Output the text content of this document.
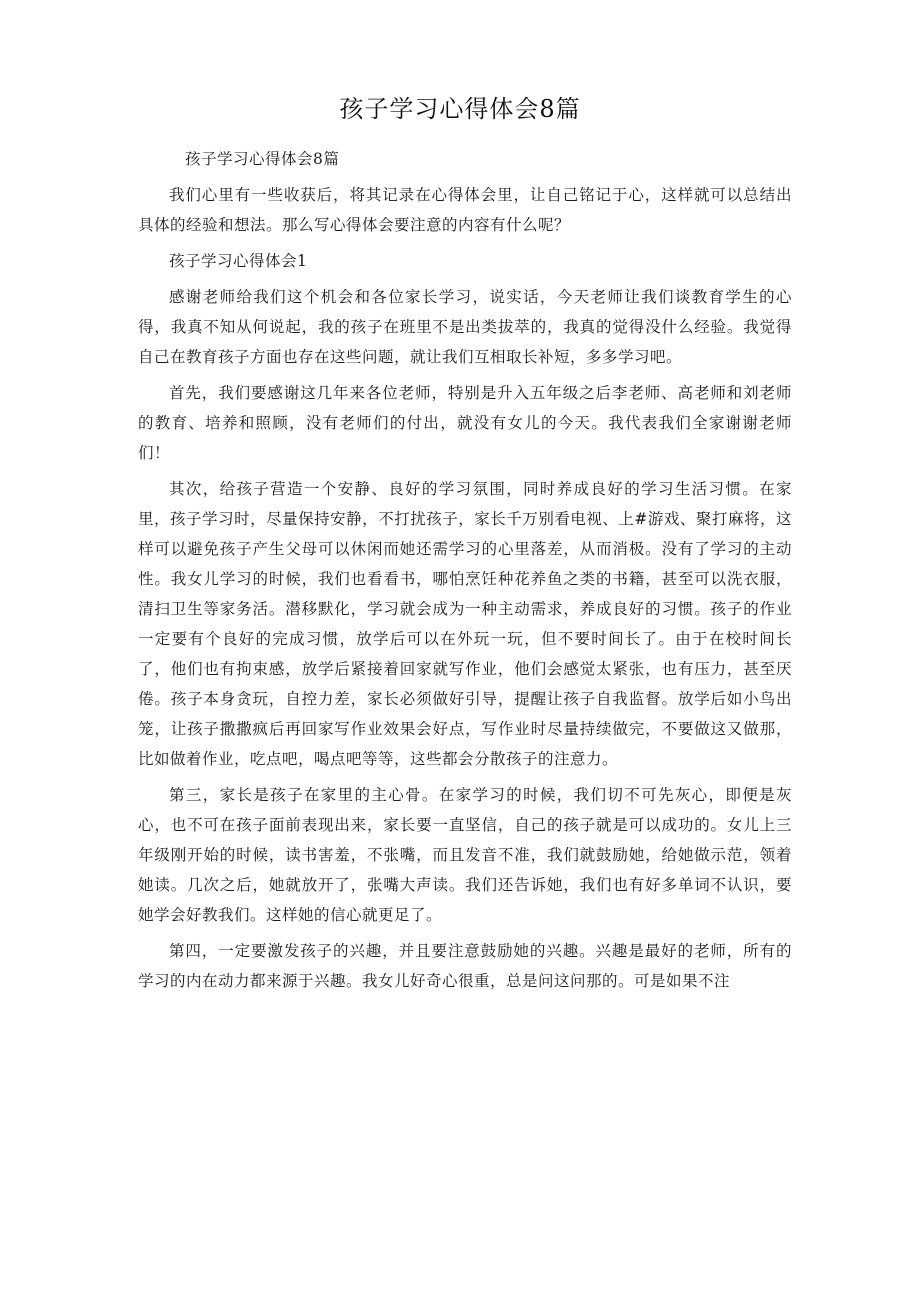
孩子学习心得体会8篇

孩子学习心得体会8篇

我们心里有一些收获后，将其记录在心得体会里，让自己铭记于心，这样就可以总结出具体的经验和想法。那么写心得体会要注意的内容有什么呢？

孩子学习心得体会1

感谢老师给我们这个机会和各位家长学习，说实话，今天老师让我们谈教育学生的心得，我真不知从何说起，我的孩子在班里不是出类拔萃的，我真的觉得没什么经验。我觉得自己在教育孩子方面也存在这些问题，就让我们互相取长补短，多多学习吧。

首先，我们要感谢这几年来各位老师，特别是升入五年级之后李老师、高老师和刘老师的教育、培养和照顾，没有老师们的付出，就没有女儿的今天。我代表我们全家谢谢老师们！

其次，给孩子营造一个安静、良好的学习氛围，同时养成良好的学习生活习惯。在家里，孩子学习时，尽量保持安静，不打扰孩子，家长千万别看电视、上#游戏、聚打麻将，这样可以避免孩子产生父母可以休闲而她还需学习的心里落差，从而消极。没有了学习的主动性。我女儿学习的时候，我们也看看书，哪怕烹饪种花养鱼之类的书籍，甚至可以洗衣服，清扫卫生等家务活。潜移默化，学习就会成为一种主动需求，养成良好的习惯。孩子的作业一定要有个良好的完成习惯，放学后可以在外玩一玩，但不要时间长了。由于在校时间长了，他们也有拘束感，放学后紧接着回家就写作业，他们会感觉太紧张，也有压力，甚至厌倦。孩子本身贪玩，自控力差，家长必须做好引导，提醒让孩子自我监督。放学后如小鸟出笼，让孩子撒撒疯后再回家写作业效果会好点，写作业时尽量持续做完，不要做这又做那，比如做着作业，吃点吧，喝点吧等等，这些都会分散孩子的注意力。

第三，家长是孩子在家里的主心骨。在家学习的时候，我们切不可先灰心，即便是灰心，也不可在孩子面前表现出来，家长要一直坚信，自己的孩子就是可以成功的。女儿上三年级刚开始的时候，读书害羞，不张嘴，而且发音不准，我们就鼓励她，给她做示范，领着她读。几次之后，她就放开了，张嘴大声读。我们还告诉她，我们也有好多单词不认识，要她学会好教我们。这样她的信心就更足了。

第四，一定要激发孩子的兴趣，并且要注意鼓励她的兴趣。兴趣是最好的老师，所有的学习的内在动力都来源于兴趣。我女儿好奇心很重，总是问这问那的。可是如果不注
